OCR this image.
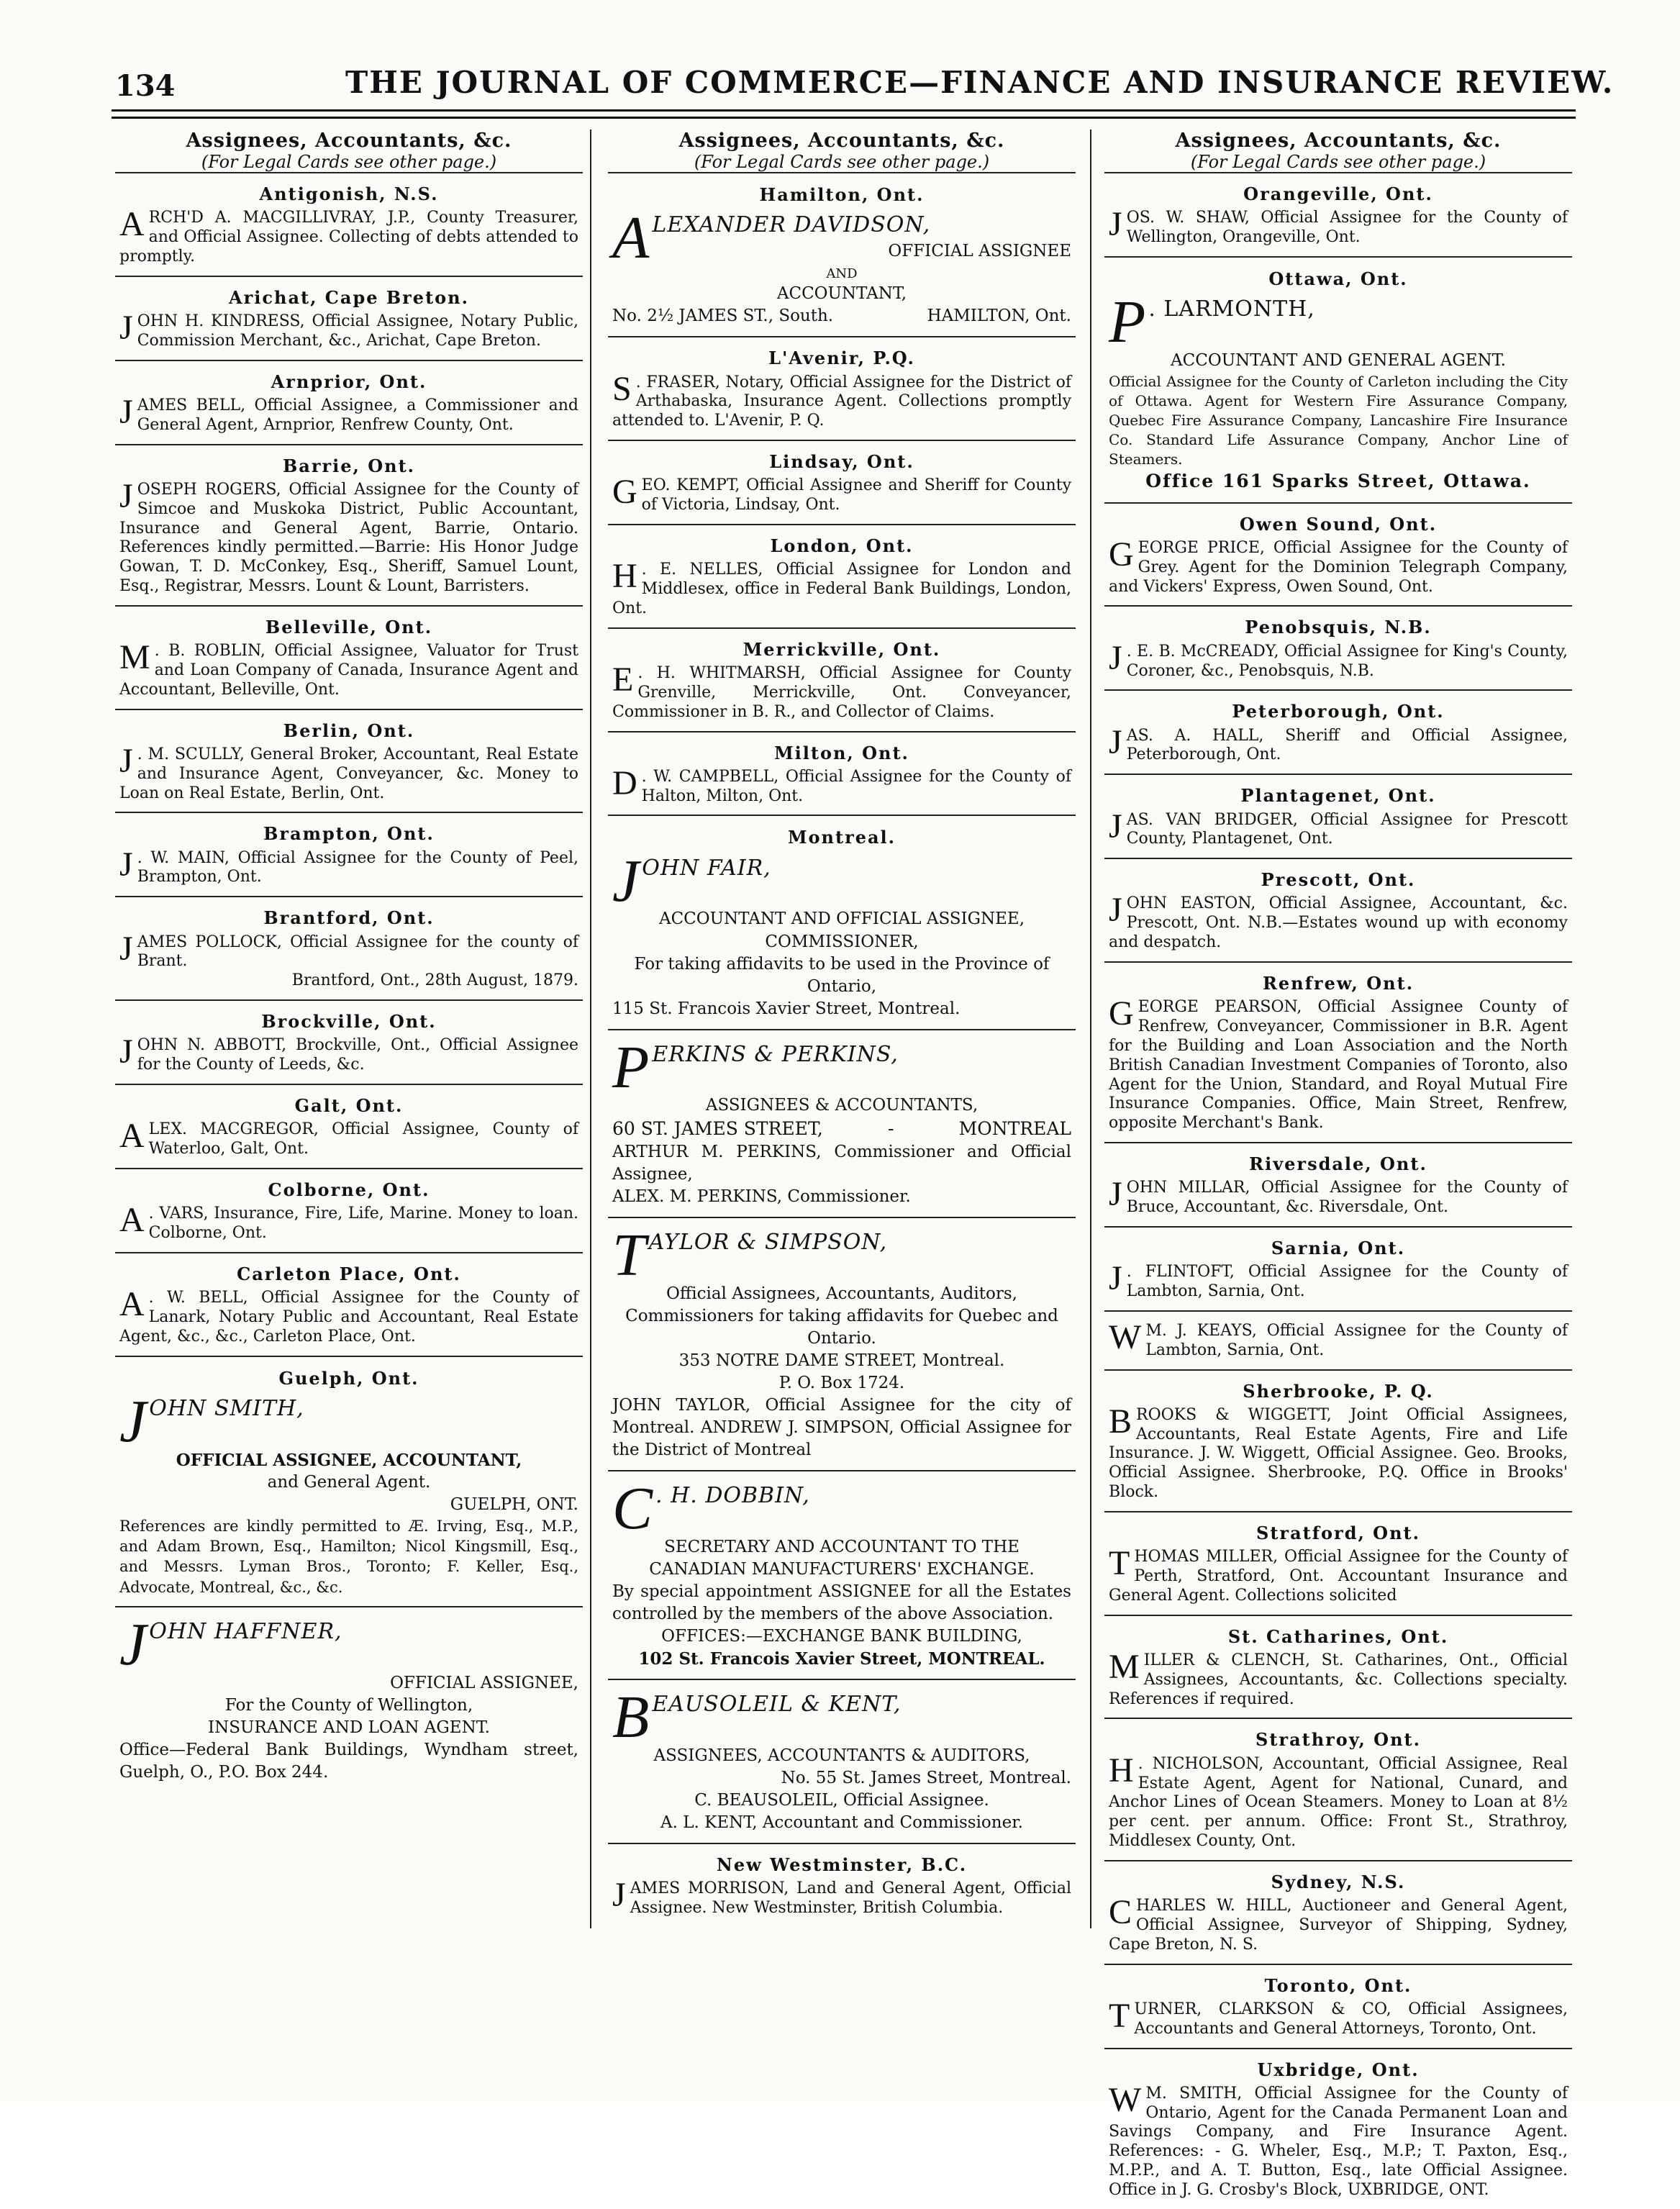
134	THE JOURNAL OF COMMERCE—FINANCE AND INSURANCE REVIEW.
Assignees, Accountants, &c.
(For Legal Cards see other page.)
Antigonish, N.S.
A RCH'D A. MACGILLIVRAY, J.P., County Treasurer, and Official Assignee. Collecting of debts attended to promptly.
Arichat, Cape Breton.
J OHN H. KINDRESS, Official Assignee, Notary Public, Commission Merchant, &c., Arichat, Cape Breton.
Arnprior, Ont.
J AMES BELL, Official Assignee, a Commissioner and General Agent, Arnprior, Renfrew County, Ont.
Barrie, Ont.
J OSEPH ROGERS, Official Assignee for the County of Simcoe and Muskoka District, Public Accountant, Insurance and General Agent, Barrie, Ontario. References kindly permitted.—Barrie: His Honor Judge Gowan, T. D. McConkey, Esq., Sheriff, Samuel Lount, Esq., Registrar, Messrs. Lount & Lount, Barristers.
Belleville, Ont.
M . B. ROBLIN, Official Assignee, Valuator for Trust and Loan Company of Canada, Insurance Agent and Accountant, Belleville, Ont.
Berlin, Ont.
J . M. SCULLY, General Broker, Accountant, Real Estate and Insurance Agent, Conveyancer, &c. Money to Loan on Real Estate, Berlin, Ont.
Brampton, Ont.
J . W. MAIN, Official Assignee for the County of Peel, Brampton, Ont.
Brantford, Ont.
J AMES POLLOCK, Official Assignee for the county of Brant.
Brantford, Ont., 28th August, 1879.
Brockville, Ont.
J OHN N. ABBOTT, Brockville, Ont., Official Assignee for the County of Leeds, &c.
Galt, Ont.
A LEX. MACGREGOR, Official Assignee, County of Waterloo, Galt, Ont.
Colborne, Ont.
A . VARS, Insurance, Fire, Life, Marine. Money to loan. Colborne, Ont.
Carleton Place, Ont.
A . W. BELL, Official Assignee for the County of Lanark, Notary Public and Accountant, Real Estate Agent, &c., &c., Carleton Place, Ont.
Guelph, Ont.
J OHN SMITH,
OFFICIAL ASSIGNEE, ACCOUNTANT,
and General Agent.
GUELPH, ONT.
References are kindly permitted to Æ. Irving, Esq., M.P., and Adam Brown, Esq., Hamilton; Nicol Kingsmill, Esq., and Messrs. Lyman Bros., Toronto; F. Keller, Esq., Advocate, Montreal, &c., &c.
J OHN HAFFNER,
OFFICIAL ASSIGNEE,
For the County of Wellington,
INSURANCE AND LOAN AGENT.
Office—Federal Bank Buildings, Wyndham street, Guelph, O., P.O. Box 244.
Assignees, Accountants, &c.
(For Legal Cards see other page.)
Hamilton, Ont.
A LEXANDER DAVIDSON,
OFFICIAL ASSIGNEE
AND
ACCOUNTANT,
No. 2½ JAMES ST., South.	HAMILTON, Ont.
L'Avenir, P.Q.
S . FRASER, Notary, Official Assignee for the District of Arthabaska, Insurance Agent. Collections promptly attended to. L'Avenir, P. Q.
Lindsay, Ont.
G EO. KEMPT, Official Assignee and Sheriff for County of Victoria, Lindsay, Ont.
London, Ont.
H . E. NELLES, Official Assignee for London and Middlesex, office in Federal Bank Buildings, London, Ont.
Merrickville, Ont.
E . H. WHITMARSH, Official Assignee for County Grenville, Merrickville, Ont. Conveyancer, Commissioner in B. R., and Collector of Claims.
Milton, Ont.
D . W. CAMPBELL, Official Assignee for the County of Halton, Milton, Ont.
Montreal.
J OHN FAIR,
ACCOUNTANT AND OFFICIAL ASSIGNEE,
COMMISSIONER,
For taking affidavits to be used in the Province of Ontario,
115 St. Francois Xavier Street, Montreal.
P ERKINS & PERKINS,
ASSIGNEES & ACCOUNTANTS,
60 ST. JAMES STREET,	-	MONTREAL
ARTHUR M. PERKINS, Commissioner and Official Assignee,
ALEX. M. PERKINS, Commissioner.
T AYLOR & SIMPSON,
Official Assignees, Accountants, Auditors,
Commissioners for taking affidavits for Quebec and Ontario.
353 NOTRE DAME STREET, Montreal.
P. O. Box 1724.
JOHN TAYLOR, Official Assignee for the city of Montreal. ANDREW J. SIMPSON, Official Assignee for the District of Montreal
C . H. DOBBIN,
SECRETARY AND ACCOUNTANT TO THE
CANADIAN MANUFACTURERS' EXCHANGE.
By special appointment ASSIGNEE for all the Estates controlled by the members of the above Association.
OFFICES:—EXCHANGE BANK BUILDING,
102 St. Francois Xavier Street, MONTREAL.
B EAUSOLEIL & KENT,
ASSIGNEES, ACCOUNTANTS & AUDITORS,
No. 55 St. James Street, Montreal.
C. BEAUSOLEIL, Official Assignee.
A. L. KENT, Accountant and Commissioner.
New Westminster, B.C.
J AMES MORRISON, Land and General Agent, Official Assignee. New Westminster, British Columbia.
Assignees, Accountants, &c.
(For Legal Cards see other page.)
Orangeville, Ont.
J OS. W. SHAW, Official Assignee for the County of Wellington, Orangeville, Ont.
Ottawa, Ont.
P . LARMONTH,
ACCOUNTANT AND GENERAL AGENT.
Official Assignee for the County of Carleton including the City of Ottawa. Agent for Western Fire Assurance Company, Quebec Fire Assurance Company, Lancashire Fire Insurance Co. Standard Life Assurance Company, Anchor Line of Steamers.
Office 161 Sparks Street, Ottawa.
Owen Sound, Ont.
G EORGE PRICE, Official Assignee for the County of Grey. Agent for the Dominion Telegraph Company, and Vickers' Express, Owen Sound, Ont.
Penobsquis, N.B.
J . E. B. McCREADY, Official Assignee for King's County, Coroner, &c., Penobsquis, N.B.
Peterborough, Ont.
J AS. A. HALL, Sheriff and Official Assignee, Peterborough, Ont.
Plantagenet, Ont.
J AS. VAN BRIDGER, Official Assignee for Prescott County, Plantagenet, Ont.
Prescott, Ont.
J OHN EASTON, Official Assignee, Accountant, &c. Prescott, Ont. N.B.—Estates wound up with economy and despatch.
Renfrew, Ont.
G EORGE PEARSON, Official Assignee County of Renfrew, Conveyancer, Commissioner in B.R. Agent for the Building and Loan Association and the North British Canadian Investment Companies of Toronto, also Agent for the Union, Standard, and Royal Mutual Fire Insurance Companies. Office, Main Street, Renfrew, opposite Merchant's Bank.
Riversdale, Ont.
J OHN MILLAR, Official Assignee for the County of Bruce, Accountant, &c. Riversdale, Ont.
Sarnia, Ont.
J . FLINTOFT, Official Assignee for the County of Lambton, Sarnia, Ont.
W M. J. KEAYS, Official Assignee for the County of Lambton, Sarnia, Ont.
Sherbrooke, P. Q.
B ROOKS & WIGGETT, Joint Official Assignees, Accountants, Real Estate Agents, Fire and Life Insurance. J. W. Wiggett, Official Assignee. Geo. Brooks, Official Assignee. Sherbrooke, P.Q. Office in Brooks' Block.
Stratford, Ont.
T HOMAS MILLER, Official Assignee for the County of Perth, Stratford, Ont. Accountant Insurance and General Agent. Collections solicited
St. Catharines, Ont.
M ILLER & CLENCH, St. Catharines, Ont., Official Assignees, Accountants, &c. Collections specialty. References if required.
Strathroy, Ont.
H . NICHOLSON, Accountant, Official Assignee, Real Estate Agent, Agent for National, Cunard, and Anchor Lines of Ocean Steamers. Money to Loan at 8½ per cent. per annum. Office: Front St., Strathroy, Middlesex County, Ont.
Sydney, N.S.
C HARLES W. HILL, Auctioneer and General Agent, Official Assignee, Surveyor of Shipping, Sydney, Cape Breton, N. S.
Toronto, Ont.
T URNER, CLARKSON & CO, Official Assignees, Accountants and General Attorneys, Toronto, Ont.
Uxbridge, Ont.
W M. SMITH, Official Assignee for the County of Ontario, Agent for the Canada Permanent Loan and Savings Company, and Fire Insurance Agent. References: - G. Wheler, Esq., M.P.; T. Paxton, Esq., M.P.P., and A. T. Button, Esq., late Official Assignee. Office in J. G. Crosby's Block, UXBRIDGE, ONT.
